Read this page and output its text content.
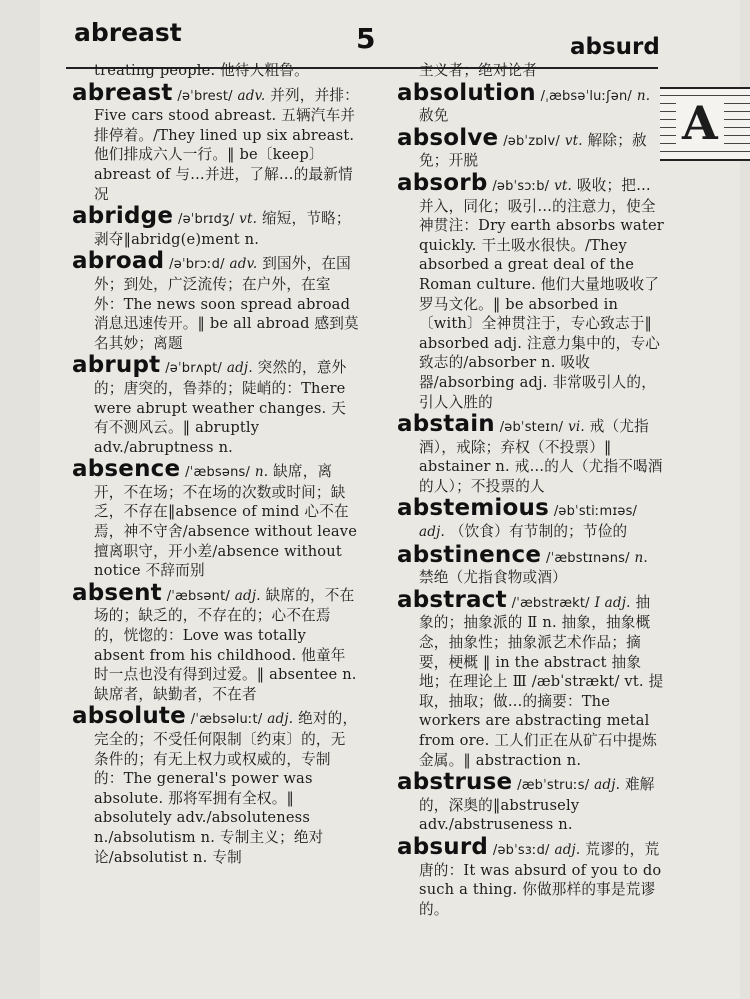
abreast	5	absurd
A

treating people. 他待人粗鲁。

abreast /əˈbrest/ adv. 并列，并排：Five cars stood abreast. 五辆汽车并排停着。/They lined up six abreast. 他们排成六人一行。‖ be〔keep〕abreast of 与…并进，了解…的最新情况

abridge /əˈbrɪdʒ/ vt. 缩短，节略；剥夺‖abridg(e)ment n.

abroad /əˈbrɔːd/ adv. 到国外，在国外；到处，广泛流传；在户外，在室外：The news soon spread abroad 消息迅速传开。‖ be all abroad 感到莫名其妙；离题

abrupt /əˈbrʌpt/ adj. 突然的，意外的；唐突的，鲁莽的；陡峭的：There were abrupt weather changes. 天有不测风云。‖ abruptly adv./abruptness n.

absence /ˈæbsəns/ n. 缺席，离开，不在场；不在场的次数或时间；缺乏，不存在‖absence of mind 心不在焉，神不守舍/absence without leave 擅离职守，开小差/absence without notice 不辞而别

absent /ˈæbsənt/ adj. 缺席的，不在场的；缺乏的，不存在的；心不在焉的，恍惚的：Love was totally absent from his childhood. 他童年时一点也没有得到过爱。‖ absentee n. 缺席者，缺勤者，不在者

absolute /ˈæbsəluːt/ adj. 绝对的，完全的；不受任何限制〔约束〕的，无条件的；有无上权力或权威的，专制的：The general's power was absolute. 那将军拥有全权。‖ absolutely adv./absoluteness n./absolutism n. 专制主义；绝对论/absolutist n. 专制

主义者；绝对论者

absolution /ˌæbsəˈluːʃən/ n. 赦免

absolve /əbˈzɒlv/ vt. 解除；赦免；开脱

absorb /əbˈsɔːb/ vt. 吸收；把…并入，同化；吸引…的注意力，使全神贯注：Dry earth absorbs water quickly. 干土吸水很快。/They absorbed a great deal of the Roman culture. 他们大量地吸收了罗马文化。‖ be absorbed in〔with〕全神贯注于，专心致志于‖ absorbed adj. 注意力集中的，专心致志的/absorber n. 吸收器/absorbing adj. 非常吸引人的，引人入胜的

abstain /əbˈsteɪn/ vi. 戒（尤指酒），戒除；弃权（不投票）‖ abstainer n. 戒…的人（尤指不喝酒的人）；不投票的人

abstemious /əbˈstiːmɪəs/ adj. （饮食）有节制的；节俭的

abstinence /ˈæbstɪnəns/ n. 禁绝（尤指食物或酒）

abstract /ˈæbstrækt/ Ⅰ adj. 抽象的；抽象派的 Ⅱ n. 抽象，抽象概念，抽象性；抽象派艺术作品；摘要，梗概 ‖ in the abstract 抽象地；在理论上 Ⅲ /æbˈstrækt/ vt. 提取，抽取；做…的摘要：The workers are abstracting metal from ore. 工人们正在从矿石中提炼金属。‖ abstraction n.

abstruse /æbˈstruːs/ adj. 难解的，深奥的‖abstrusely adv./abstruseness n.

absurd /əbˈsɜːd/ adj. 荒谬的，荒唐的：It was absurd of you to do such a thing. 你做那样的事是荒谬的。
